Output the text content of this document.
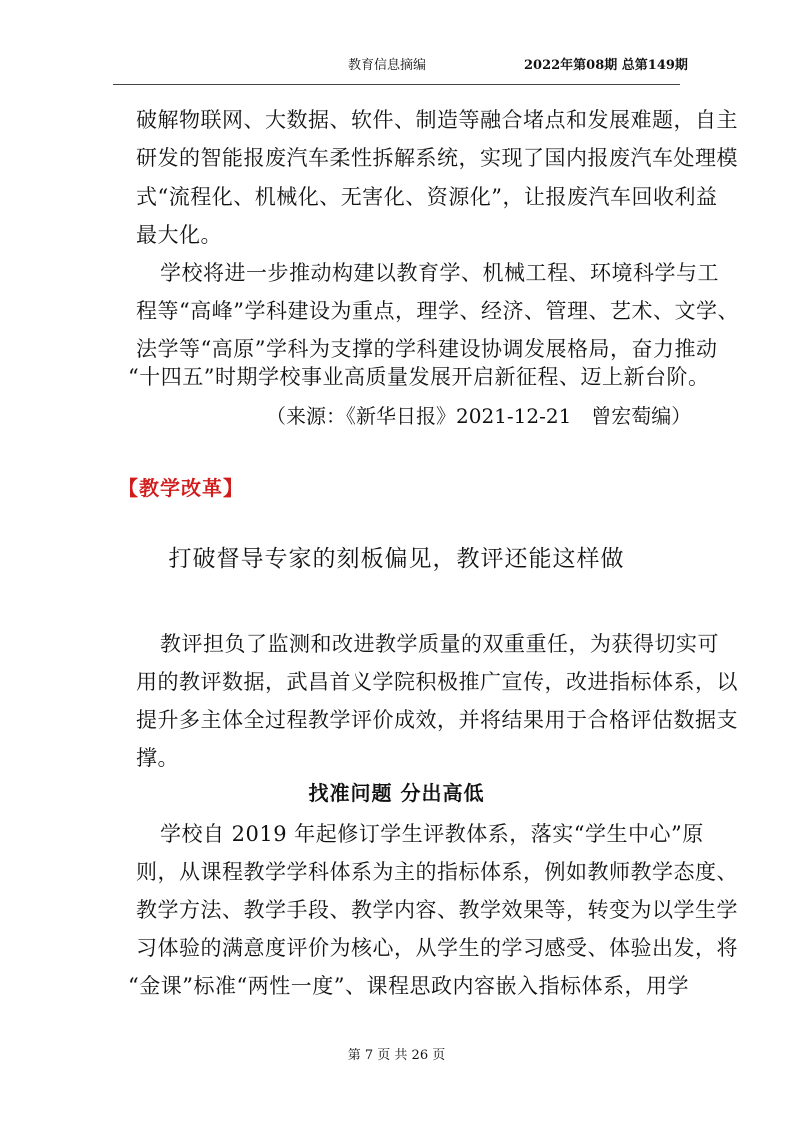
教育信息摘编	2022年第08期 总第149期
破解物联网、大数据、软件、制造等融合堵点和发展难题，自主
研发的智能报废汽车柔性拆解系统，实现了国内报废汽车处理模
式“流程化、机械化、无害化、资源化”，让报废汽车回收利益
最大化。
学校将进一步推动构建以教育学、机械工程、环境科学与工
程等“高峰”学科建设为重点，理学、经济、管理、艺术、文学、
法学等“高原”学科为支撑的学科建设协调发展格局，奋力推动
“十四五”时期学校事业高质量发展开启新征程、迈上新台阶。
（来源：《新华日报》2021-12-21　曾宏萄编）
【教学改革】
打破督导专家的刻板偏见，教评还能这样做
教评担负了监测和改进教学质量的双重重任，为获得切实可
用的教评数据，武昌首义学院积极推广宣传，改进指标体系，以
提升多主体全过程教学评价成效，并将结果用于合格评估数据支
撑。
找准问题 分出高低
学校自 2019 年起修订学生评教体系，落实“学生中心”原
则，从课程教学学科体系为主的指标体系，例如教师教学态度、
教学方法、教学手段、教学内容、教学效果等，转变为以学生学
习体验的满意度评价为核心，从学生的学习感受、体验出发，将
“金课”标准“两性一度”、课程思政内容嵌入指标体系，用学
第 7 页 共 26 页
